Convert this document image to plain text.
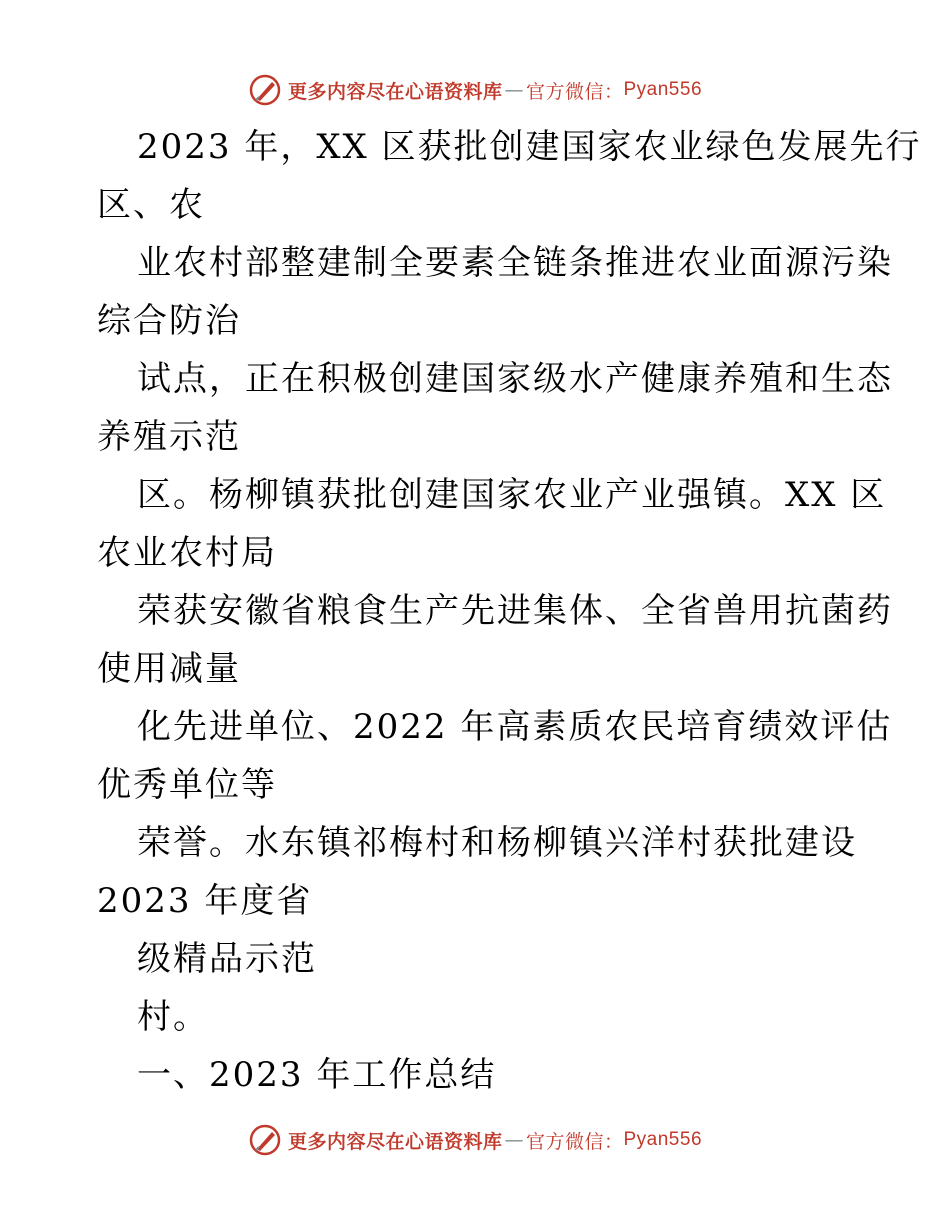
更多内容尽在心语资料库 — 官方微信： Pyan556
2023 年，XX 区获批创建国家农业绿色发展先行
区、农
业农村部整建制全要素全链条推进农业面源污染
综合防治
试点，正在积极创建国家级水产健康养殖和生态
养殖示范
区。杨柳镇获批创建国家农业产业强镇。XX 区
农业农村局
荣获安徽省粮食生产先进集体、全省兽用抗菌药
使用减量
化先进单位、2022 年高素质农民培育绩效评估
优秀单位等
荣誉。水东镇祁梅村和杨柳镇兴洋村获批建设
2023 年度省
级精品示范
村。
一、2023 年工作总结
更多内容尽在心语资料库 — 官方微信： Pyan556
